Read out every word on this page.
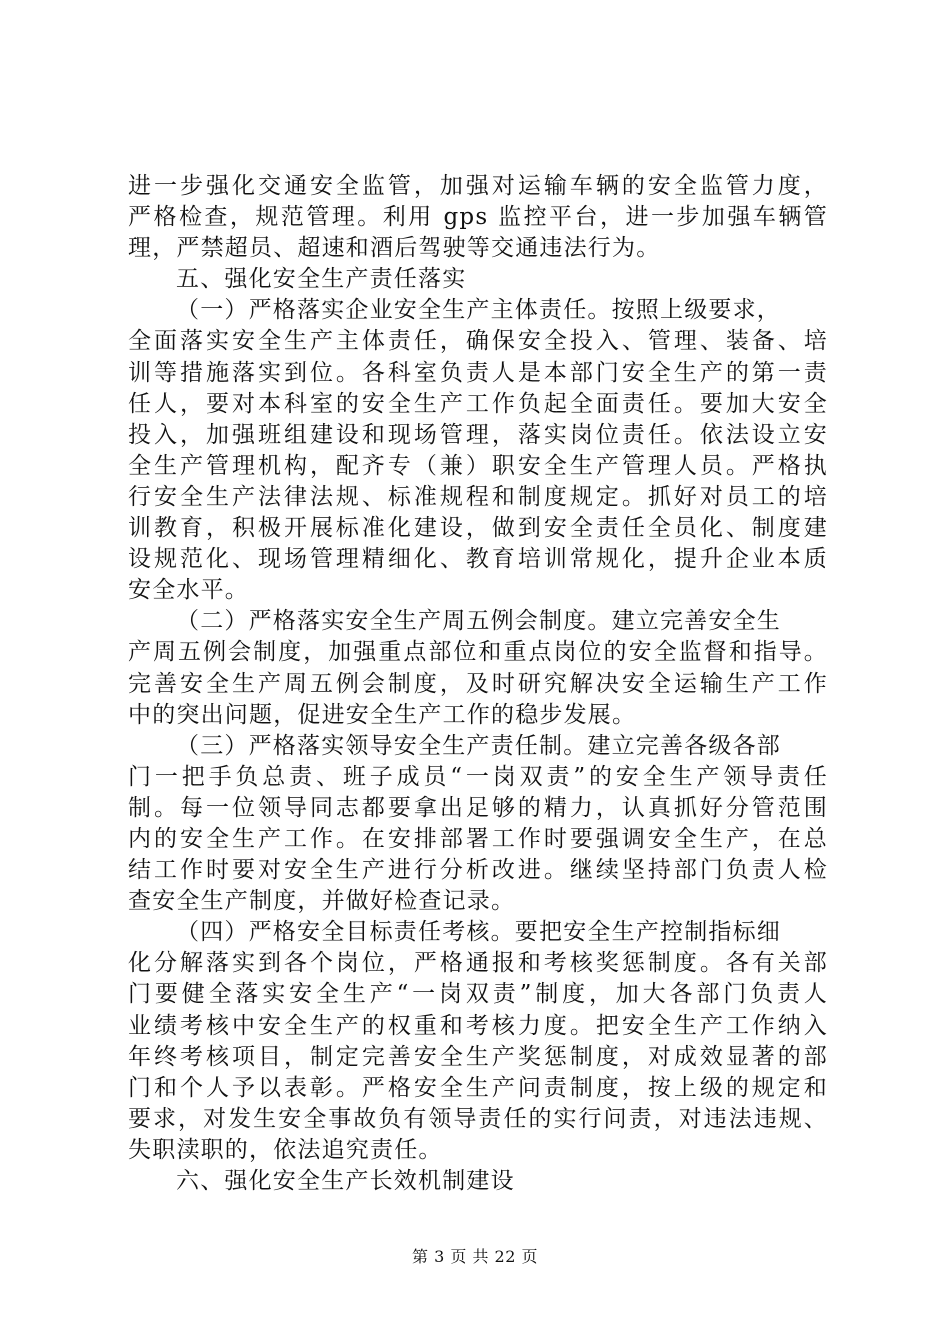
进一步强化交通安全监管，加强对运输车辆的安全监管力度，
严格检查，规范管理。利用 gps 监控平台，进一步加强车辆管
理，严禁超员、超速和酒后驾驶等交通违法行为。
五、强化安全生产责任落实
（一）严格落实企业安全生产主体责任。按照上级要求，
全面落实安全生产主体责任，确保安全投入、管理、装备、培
训等措施落实到位。各科室负责人是本部门安全生产的第一责
任人，要对本科室的安全生产工作负起全面责任。要加大安全
投入，加强班组建设和现场管理，落实岗位责任。依法设立安
全生产管理机构，配齐专（兼）职安全生产管理人员。严格执
行安全生产法律法规、标准规程和制度规定。抓好对员工的培
训教育，积极开展标准化建设，做到安全责任全员化、制度建
设规范化、现场管理精细化、教育培训常规化，提升企业本质
安全水平。
（二）严格落实安全生产周五例会制度。建立完善安全生
产周五例会制度，加强重点部位和重点岗位的安全监督和指导。
完善安全生产周五例会制度，及时研究解决安全运输生产工作
中的突出问题，促进安全生产工作的稳步发展。
（三）严格落实领导安全生产责任制。建立完善各级各部
门一把手负总责、班子成员“一岗双责”的安全生产领导责任
制。每一位领导同志都要拿出足够的精力，认真抓好分管范围
内的安全生产工作。在安排部署工作时要强调安全生产，在总
结工作时要对安全生产进行分析改进。继续坚持部门负责人检
查安全生产制度，并做好检查记录。
（四）严格安全目标责任考核。要把安全生产控制指标细
化分解落实到各个岗位，严格通报和考核奖惩制度。各有关部
门要健全落实安全生产“一岗双责”制度，加大各部门负责人
业绩考核中安全生产的权重和考核力度。把安全生产工作纳入
年终考核项目，制定完善安全生产奖惩制度，对成效显著的部
门和个人予以表彰。严格安全生产问责制度，按上级的规定和
要求，对发生安全事故负有领导责任的实行问责，对违法违规、
失职渎职的，依法追究责任。
六、强化安全生产长效机制建设
第 3 页 共 22 页
